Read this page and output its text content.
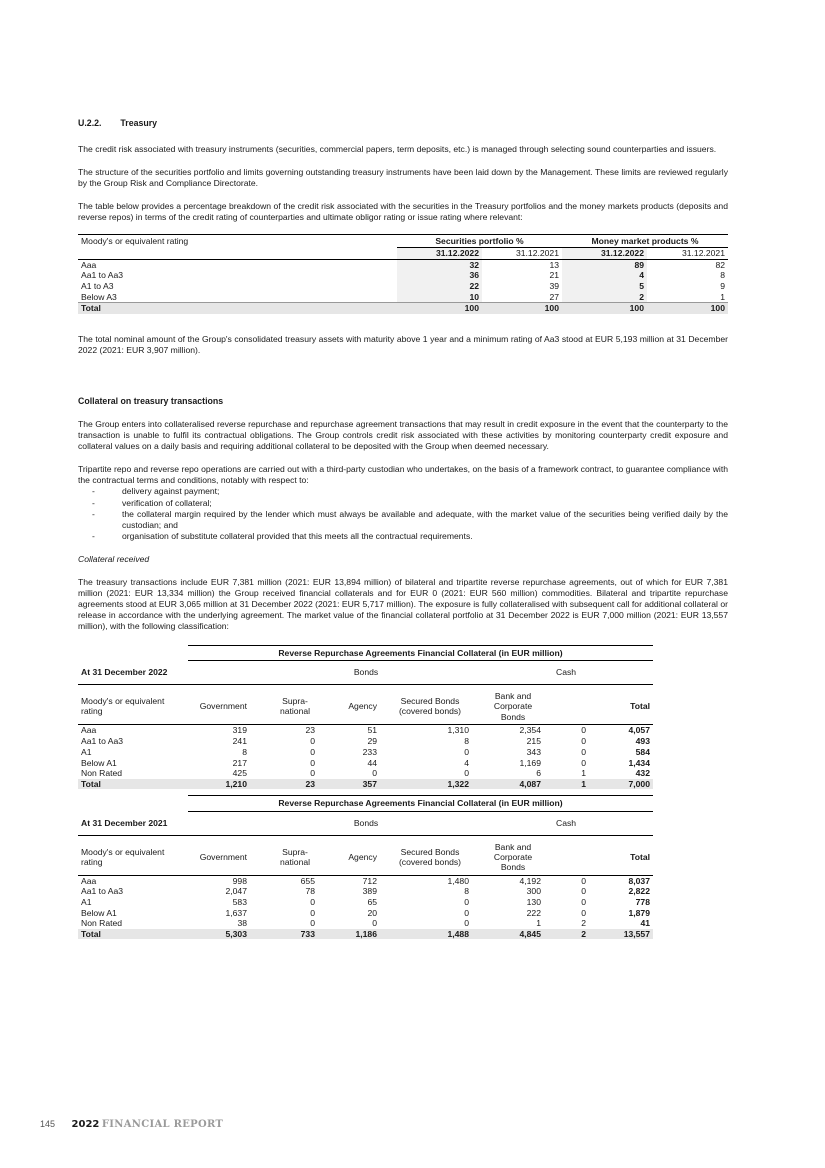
U.2.2. Treasury

The credit risk associated with treasury instruments (securities, commercial papers, term deposits, etc.) is managed through selecting sound counterparties and issuers.

The structure of the securities portfolio and limits governing outstanding treasury instruments have been laid down by the Management. These limits are reviewed regularly by the Group Risk and Compliance Directorate.

The table below provides a percentage breakdown of the credit risk associated with the securities in the Treasury portfolios and the money markets products (deposits and reverse repos) in terms of the credit rating of counterparties and ultimate obligor rating or issue rating where relevant:

Moody's or equivalent rating	Securities portfolio %		Money market products %	
	31.12.2022	31.12.2021	31.12.2022	31.12.2021
Aaa	32	13	89	82
Aa1 to Aa3	36	21	4	8
A1 to A3	22	39	5	9
Below A3	10	27	2	1
Total	100	100	100	100

The total nominal amount of the Group's consolidated treasury assets with maturity above 1 year and a minimum rating of Aa3 stood at EUR 5,193 million at 31 December 2022 (2021: EUR 3,907 million).

Collateral on treasury transactions

The Group enters into collateralised reverse repurchase and repurchase agreement transactions that may result in credit exposure in the event that the counterparty to the transaction is unable to fulfil its contractual obligations. The Group controls credit risk associated with these activities by monitoring counterparty credit exposure and collateral values on a daily basis and requiring additional collateral to be deposited with the Group when deemed necessary.

Tripartite repo and reverse repo operations are carried out with a third-party custodian who undertakes, on the basis of a framework contract, to guarantee compliance with the contractual terms and conditions, notably with respect to:

- delivery against payment;
- verification of collateral;
- the collateral margin required by the lender which must always be available and adequate, with the market value of the securities being verified daily by the custodian; and
- organisation of substitute collateral provided that this meets all the contractual requirements.

Collateral received

The treasury transactions include EUR 7,381 million (2021: EUR 13,894 million) of bilateral and tripartite reverse repurchase agreements, out of which for EUR 7,381 million (2021: EUR 13,334 million) the Group received financial collaterals and for EUR 0 (2021: EUR 560 million) commodities. Bilateral and tripartite repurchase agreements stood at EUR 3,065 million at 31 December 2022 (2021: EUR 5,717 million). The exposure is fully collateralised with subsequent call for additional collateral or release in accordance with the underlying agreement. The market value of the financial collateral portfolio at 31 December 2022 is EUR 7,000 million (2021: EUR 13,557 million), with the following classification:

	Reverse Repurchase Agreements Financial Collateral (in EUR million)						
At 31 December 2022	Bonds					Cash	
Moody's or equivalent rating	Government	Supra-national	Agency	Secured Bonds (covered bonds)	Bank and Corporate Bonds		Total
Aaa	319	23	51	1,310	2,354	0	4,057
Aa1 to Aa3	241	0	29	8	215	0	493
A1	8	0	233	0	343	0	584
Below A1	217	0	44	4	1,169	0	1,434
Non Rated	425	0	0	0	6	1	432
Total	1,210	23	357	1,322	4,087	1	7,000
	Reverse Repurchase Agreements Financial Collateral (in EUR million)						
At 31 December 2021	Bonds					Cash	
Moody's or equivalent rating	Government	Supra-national	Agency	Secured Bonds (covered bonds)	Bank and Corporate Bonds		Total
Aaa	998	655	712	1,480	4,192	0	8,037
Aa1 to Aa3	2,047	78	389	8	300	0	2,822
A1	583	0	65	0	130	0	778
Below A1	1,637	0	20	0	222	0	1,879
Non Rated	38	0	0	0	1	2	41
Total	5,303	733	1,186	1,488	4,845	2	13,557
145 2022 FINANCIAL REPORT
